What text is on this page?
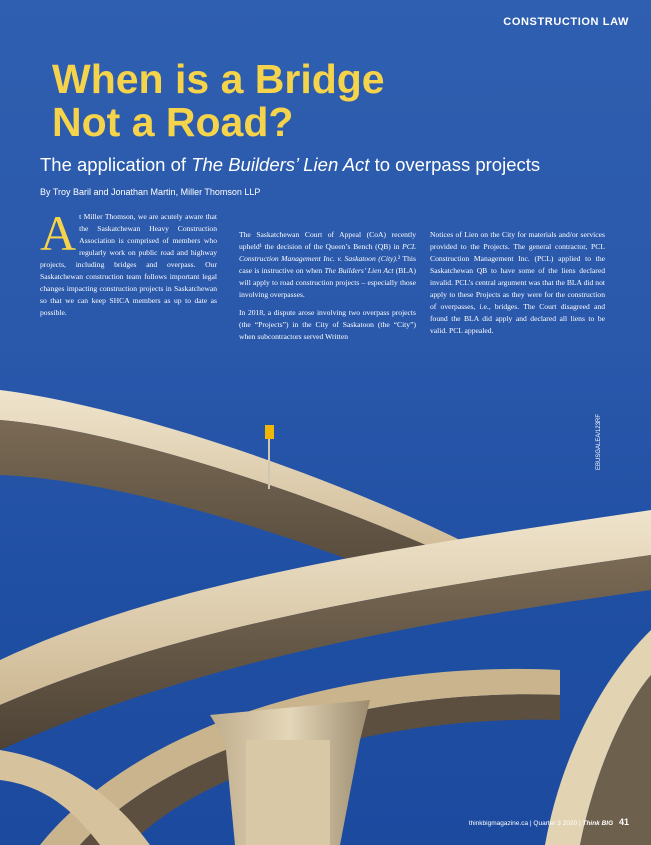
CONSTRUCTION LAW
When is a Bridge
Not a Road?
The application of The Builders’ Lien Act to overpass projects
By Troy Baril and Jonathan Martin, Miller Thomson LLP

At Miller Thomson, we are acutely aware that the Saskatchewan Heavy Construction Association is comprised of members who regularly work on public road and highway projects, including bridges and overpass. Our Saskatchewan construction team follows important legal changes impacting construction projects in Saskatchewan so that we can keep SHCA members as up to date as possible.

The Saskatchewan Court of Appeal (CoA) recently upheld¹ the decision of the Queen’s Bench (QB) in PCL Construction Management Inc. v. Saskatoon (City).² This case is instructive on when The Builders’ Lien Act (BLA) will apply to road construction projects – especially those involving overpasses.

In 2018, a dispute arose involving two overpass projects (the “Projects”) in the City of Saskatoon (the “City”) when subcontractors served Written

Notices of Lien on the City for materials and/or services provided to the Projects. The general contractor, PCL Construction Management Inc. (PCL) applied to the Saskatchewan QB to have some of the liens declared invalid. PCL’s central argument was that the BLA did not apply to these Projects as they were for the construction of overpasses, i.e., bridges. The Court disagreed and found the BLA did apply and declared all liens to be valid. PCL appealed.

EBUSGALEA/123RF
thinkbigmagazine.ca | Quarter 3 2020 | Think BIG 41
